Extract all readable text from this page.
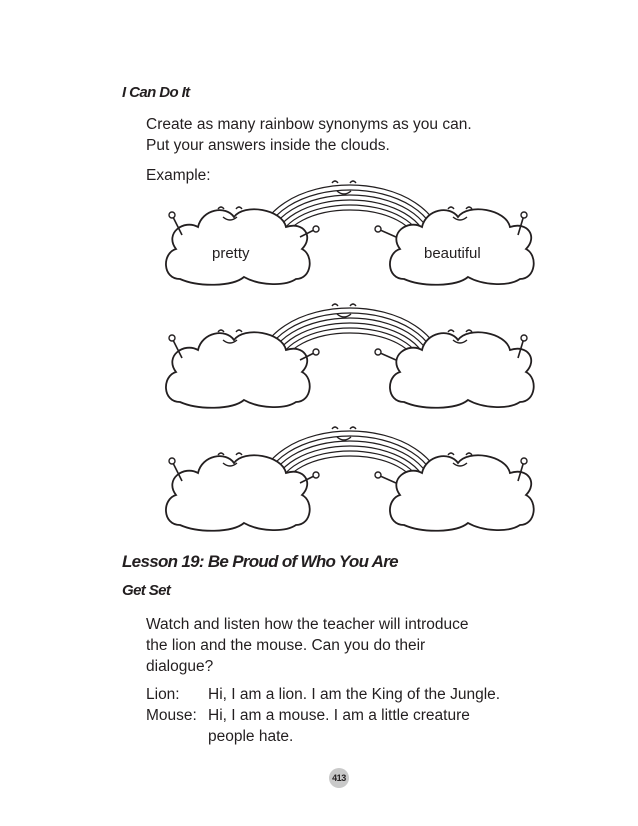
I Can Do It
Create as many rainbow synonyms as you can.
Put your answers inside the clouds.
Example:
pretty	beautiful
Lesson 19: Be Proud of Who You Are
Get Set
Watch and listen how the teacher will introduce
the lion and the mouse. Can you do their
dialogue?
Lion:	Hi, I am a lion. I am the King of the Jungle.
Mouse: Hi, I am a mouse. I am a little creature
people hate.
413
